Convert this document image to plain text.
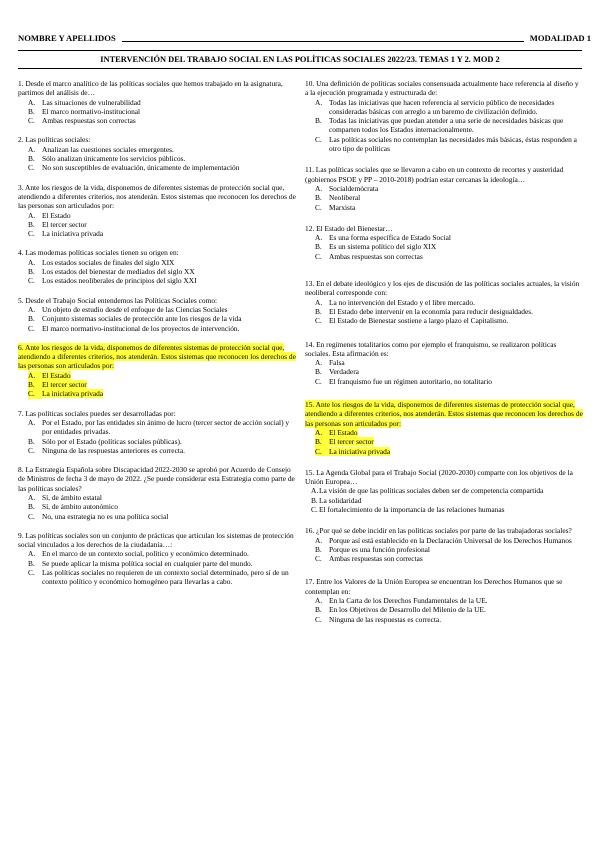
NOMBRE Y APELLIDOS	MODALIDAD 1
INTERVENCIÓN DEL TRABAJO SOCIAL EN LAS POLÍTICAS SOCIALES 2022/23. TEMAS 1 Y 2. MOD 2

1. Desde el marco analítico de las políticas sociales que hemos trabajado en la asignatura, partimos del análisis de…

A. Las situaciones de vulnerabilidad
B. El marco normativo-institucional
C. Ambas respuestas son correctas

2. Las políticas sociales:

A. Analizan las cuestiones sociales emergentes.
B. Sólo analizan únicamente los servicios públicos.
C. No son susceptibles de evaluación, únicamente de implementación

3. Ante los riesgos de la vida, disponemos de diferentes sistemas de protección social que, atendiendo a diferentes criterios, nos atenderán. Estos sistemas que reconocen los derechos de las personas son articulados por:

A. El Estado
B. El tercer sector
C. La iniciativa privada

4. Las modernas políticas sociales tienen su origen en:

A. Los estados sociales de finales del siglo XIX
B. Los estados del bienestar de mediados del siglo XX
C. Los estados neoliberales de principios del siglo XXI

5. Desde el Trabajo Social entendemos las Políticas Sociales como:

A. Un objeto de estudio desde el enfoque de las Ciencias Sociales
B. Conjunto sistemas sociales de protección ante los riesgos de la vida
C. El marco normativo-institucional de los proyectos de intervención.

6. Ante los riesgos de la vida, disponemos de diferentes sistemas de protección social que, atendiendo a diferentes criterios, nos atenderán. Estos sistemas que reconocen los derechos de las personas son articulados por:

A. El Estado
B. El tercer sector
C. La iniciativa privada

7. Las políticas sociales puedes ser desarrolladas por:

A. Por el Estado, por las entidades sin ánimo de lucro (tercer sector de acción social) y por entidades privadas.
B. Sólo por el Estado (políticas sociales públicas).
C. Ninguna de las respuestas anteriores es correcta.

8. La Estrategia Española sobre Discapacidad 2022-2030 se aprobó por Acuerdo de Consejo de Ministros de fecha 3 de mayo de 2022. ¿Se puede considerar esta Estrategia como parte de las políticas sociales?

A. Sí, de ámbito estatal
B. Sí, de ámbito autonómico
C. No, una estrategia no es una política social

9. Las políticas sociales son un conjunto de prácticas que articulan los sistemas de protección social vinculados a los derechos de la ciudadanía…:

A. En el marco de un contexto social, político y económico determinado.
B. Se puede aplicar la misma política social en cualquier parte del mundo.
C. Las políticas sociales no requieren de un contexto social determinado, pero sí de un contexto político y económico homogéneo para llevarlas a cabo.

10. Una definición de políticas sociales consensuada actualmente hace referencia al diseño y a la ejecución programada y estructurada de:

A. Todas las iniciativas que hacen referencia al servicio público de necesidades consideradas básicas con arreglo a un baremo de civilización definido.
B. Todas las iniciativas que puedan atender a una serie de necesidades básicas que comparten todos los Estados internacionalmente.
C. Las políticas sociales no contemplan las necesidades más básicas, éstas responden a otro tipo de políticas

11. Las políticas sociales que se llevaron a cabo en un contexto de recortes y austeridad (gobiernos PSOE y PP – 2010-2018) podrían estar cercanas la ideología…

A. Socialdemócrata
B. Neoliberal
C. Marxista

12. El Estado del Bienestar…

A. Es una forma específica de Estado Social
B. Es un sistema político del siglo XIX
C. Ambas respuestas son correctas

13. En el debate ideológico y los ejes de discusión de las políticas sociales actuales, la visión neoliberal corresponde con:

A. La no intervención del Estado y el libre mercado.
B. El Estado debe intervenir en la economía para reducir desigualdades.
C. El Estado de Bienestar sostiene a largo plazo el Capitalismo.

14. En regímenes totalitarios como por ejemplo el franquismo, se realizaron políticas sociales. Esta afirmación es:

A. Falsa
B. Verdadera
C. El franquismo fue un régimen autoritario, no totalitario

15. Ante los riesgos de la vida, disponemos de diferentes sistemas de protección social que, atendiendo a diferentes criterios, nos atenderán. Estos sistemas que reconocen los derechos de las personas son articulados por:

A. El Estado
B. El tercer sector
C. La iniciativa privada

15. La Agenda Global para el Trabajo Social (2020-2030) comparte con los objetivos de la Unión Europea…

A. La visión de que las políticas sociales deben ser de competencia compartida
B. La solidaridad
C. El fortalecimiento de la importancia de las relaciones humanas

16. ¿Por qué se debe incidir en las políticas sociales por parte de las trabajadoras sociales?

A. Porque así está establecido en la Declaración Universal de los Derechos Humanos
B. Porque es una función profesional
C. Ambas respuestas son correctas

17. Entre los Valores de la Unión Europea se encuentran los Derechos Humanos que se contemplan en:

A. En la Carta de los Derechos Fundamentales de la UE.
B. En los Objetivos de Desarrollo del Milenio de la UE.
C. Ninguna de las respuestas es correcta.
